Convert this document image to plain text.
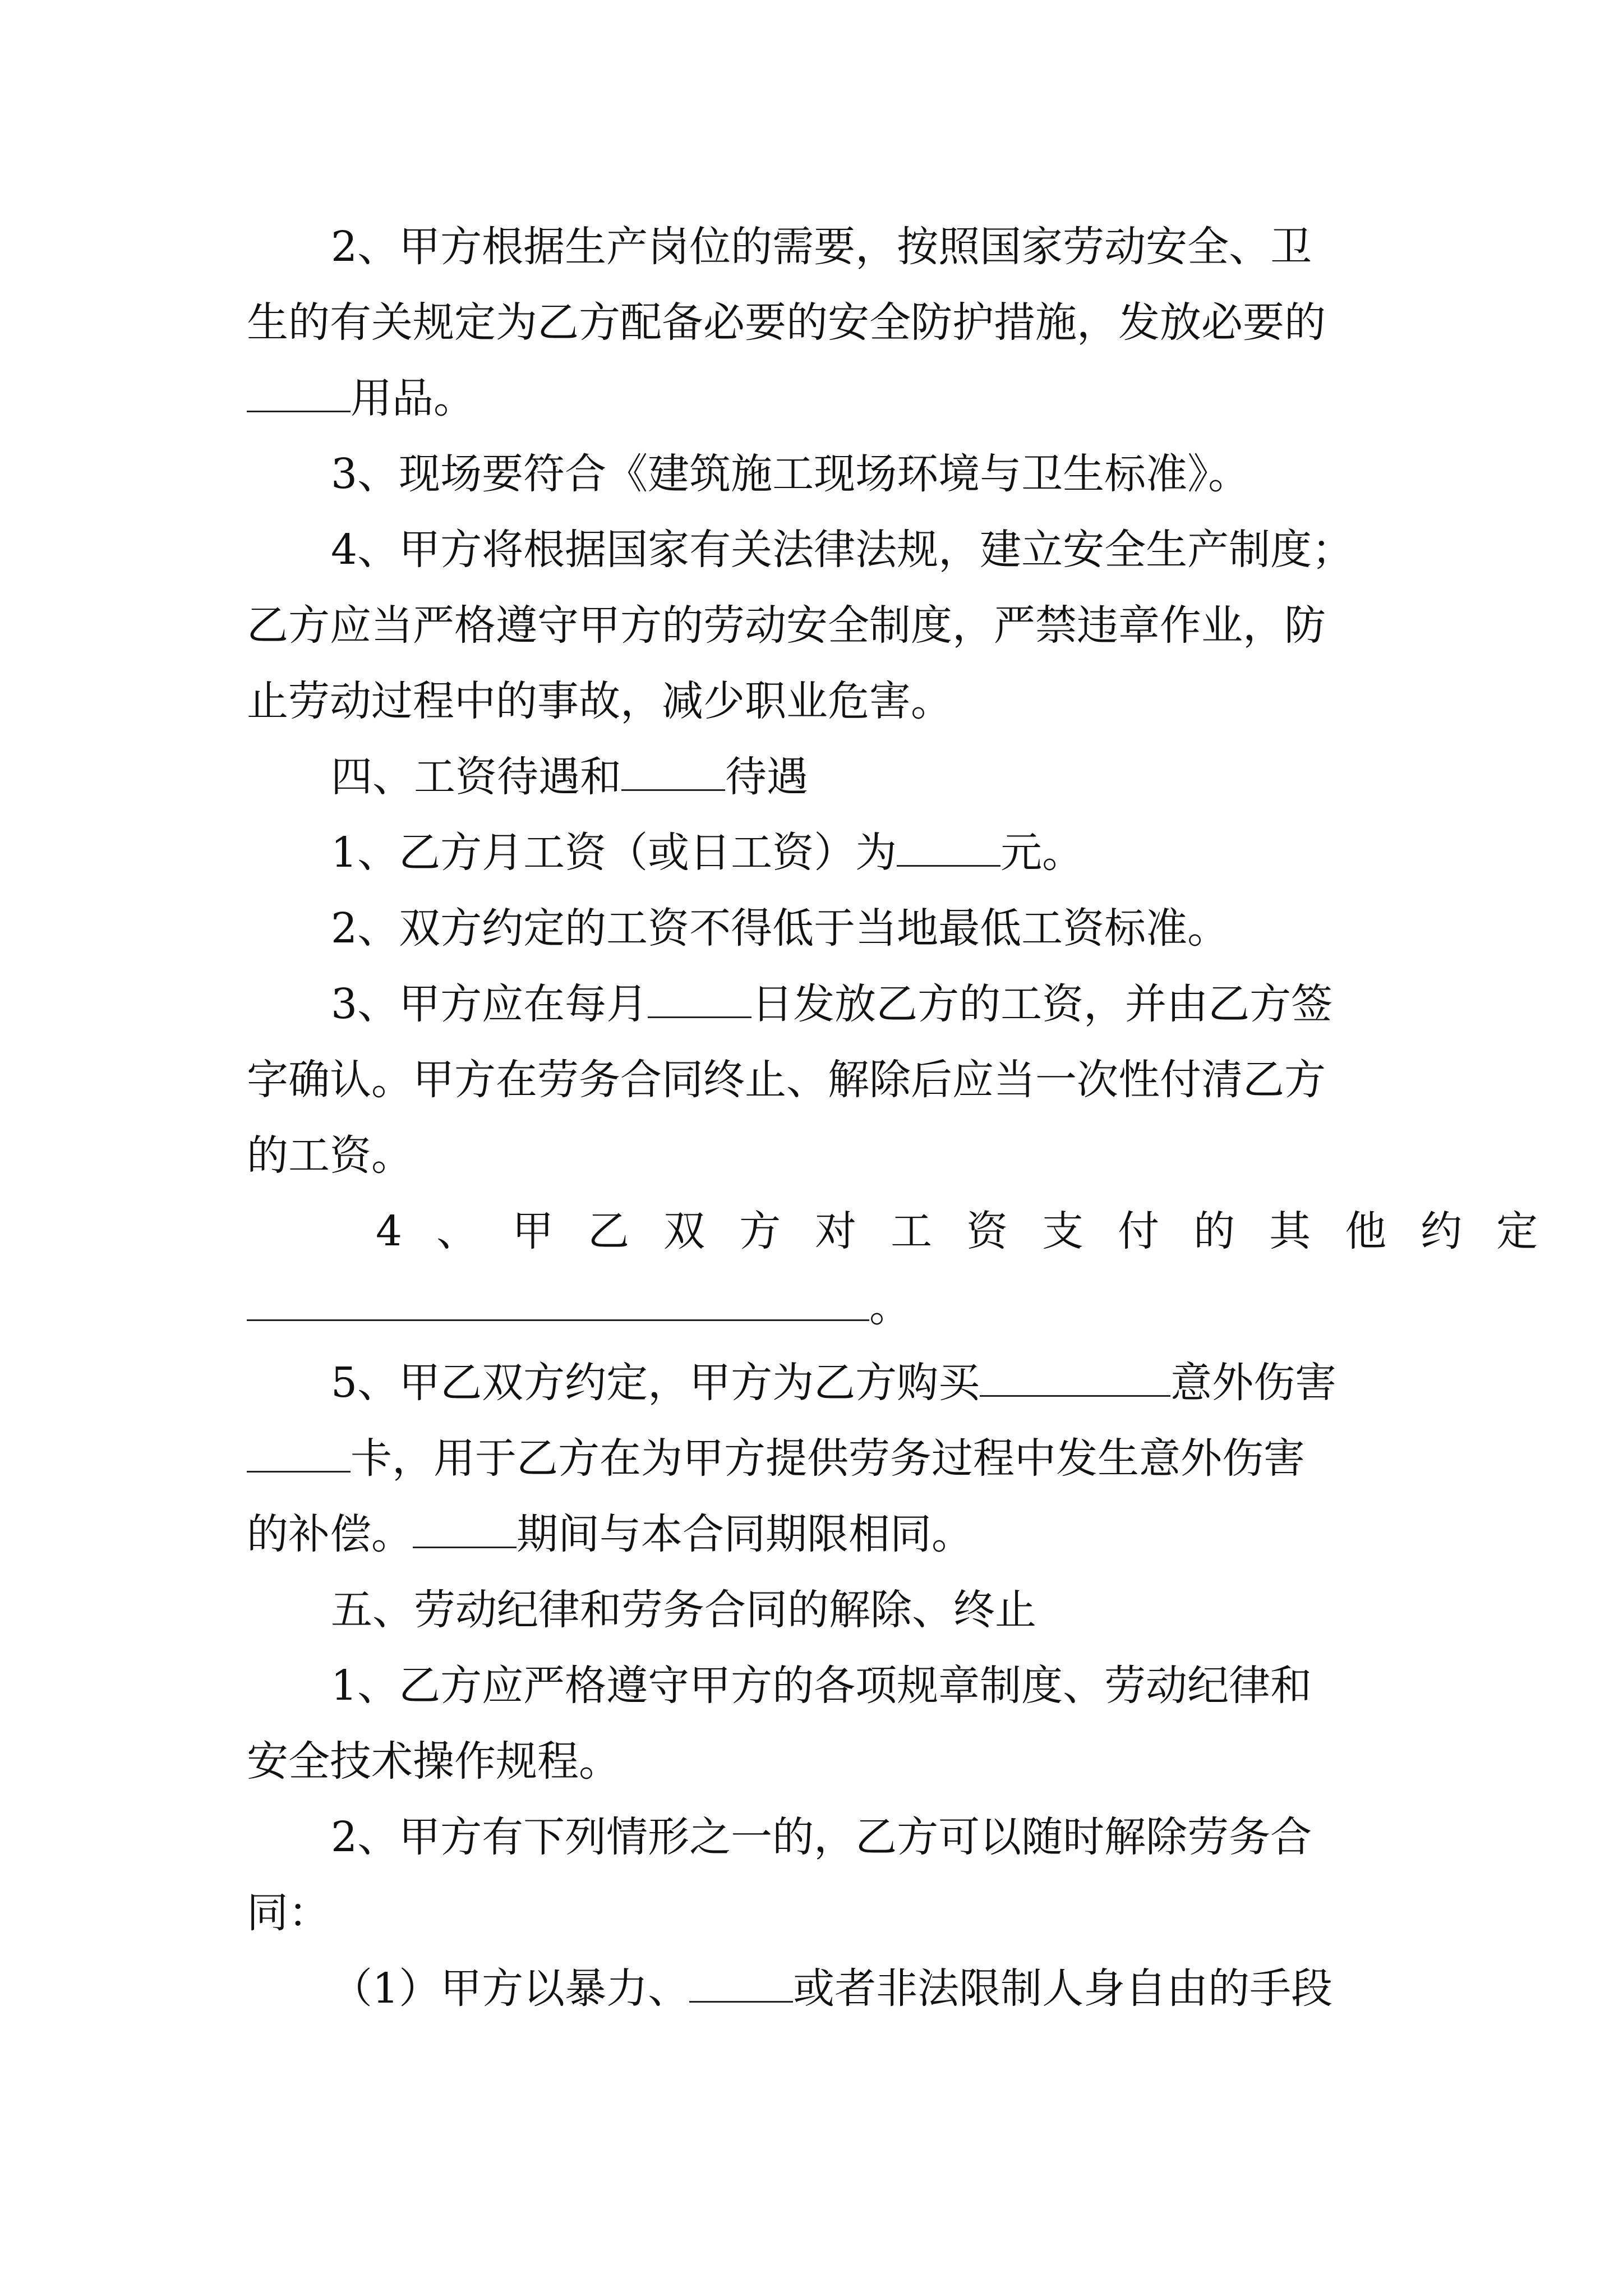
2、甲方根据生产岗位的需要，按照国家劳动安全、卫
生的有关规定为乙方配备必要的安全防护措施，发放必要的
用品。
3、现场要符合《建筑施工现场环境与卫生标准》。
4、甲方将根据国家有关法律法规，建立安全生产制度；
乙方应当严格遵守甲方的劳动安全制度，严禁违章作业，防
止劳动过程中的事故，减少职业危害。
四、工资待遇和	待遇
1、乙方月工资（或日工资）为	元。
2、双方约定的工资不得低于当地最低工资标准。
3、甲方应在每月	日发放乙方的工资，并由乙方签
字确认。甲方在劳务合同终止、解除后应当一次性付清乙方
的工资。
4、甲乙双方对工资支付的其他约定
。
5、甲乙双方约定，甲方为乙方购买	意外伤害
卡，用于乙方在为甲方提供劳务过程中发生意外伤害
的补偿。	期间与本合同期限相同。
五、劳动纪律和劳务合同的解除、终止
1、乙方应严格遵守甲方的各项规章制度、劳动纪律和
安全技术操作规程。
2、甲方有下列情形之一的，乙方可以随时解除劳务合
同：
（1）甲方以暴力、	或者非法限制人身自由的手段
